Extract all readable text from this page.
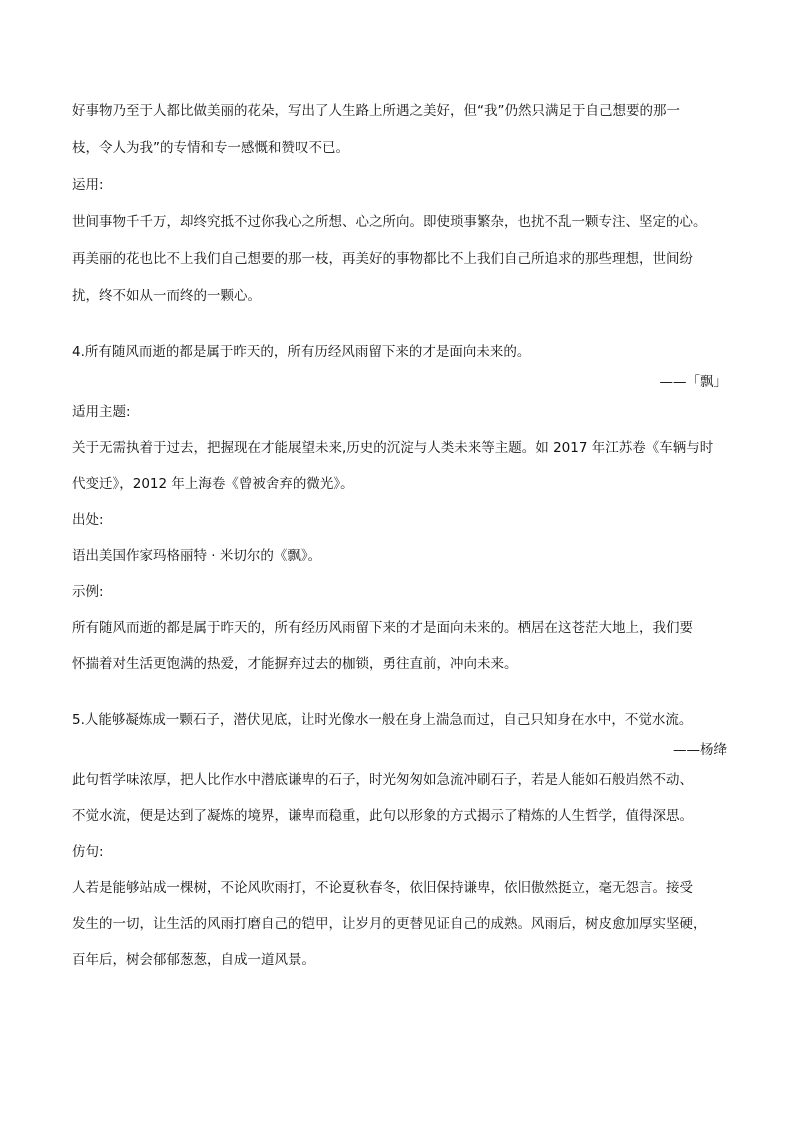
好事物乃至于人都比做美丽的花朵，写出了人生路上所遇之美好，但“我”仍然只满足于自己想要的那一

枝，令人为我”的专情和专一感慨和赞叹不已。

运用:

世间事物千千万，却终究抵不过你我心之所想、心之所向。即使琐事繁杂，也扰不乱一颗专注、坚定的心。

再美丽的花也比不上我们自己想要的那一枝，再美好的事物都比不上我们自己所追求的那些理想，世间纷

扰，终不如从一而终的一颗心。

4.所有随风而逝的都是属于昨天的，所有历经风雨留下来的才是面向未来的。

——「飘」

适用主题:

关于无需执着于过去，把握现在才能展望未来,历史的沉淀与人类未来等主题。如 2017 年江苏卷《车辆与时

代变迁》，2012 年上海卷《曾被舍弃的微光》。

出处:

语出美国作家玛格丽特 · 米切尔的《飘》。

示例:

所有随风而逝的都是属于昨天的，所有经历风雨留下来的才是面向未来的。栖居在这苍茫大地上，我们要

怀揣着对生活更饱满的热爱，才能摒弃过去的枷锁，勇往直前，冲向未来。

5.人能够凝炼成一颗石子，潜伏见底，让时光像水一般在身上湍急而过，自己只知身在水中，不觉水流。

——杨绛

此句哲学味浓厚，把人比作水中潜底谦卑的石子，时光匆匆如急流冲刷石子，若是人能如石般岿然不动、

不觉水流，便是达到了凝炼的境界，谦卑而稳重，此句以形象的方式揭示了精炼的人生哲学，值得深思。

仿句:

人若是能够站成一棵树，不论风吹雨打，不论夏秋春冬，依旧保持谦卑，依旧傲然挺立，毫无怨言。接受

发生的一切，让生活的风雨打磨自己的铠甲，让岁月的更替见证自己的成熟。风雨后，树皮愈加厚实坚硬，

百年后，树会郁郁葱葱，自成一道风景。
